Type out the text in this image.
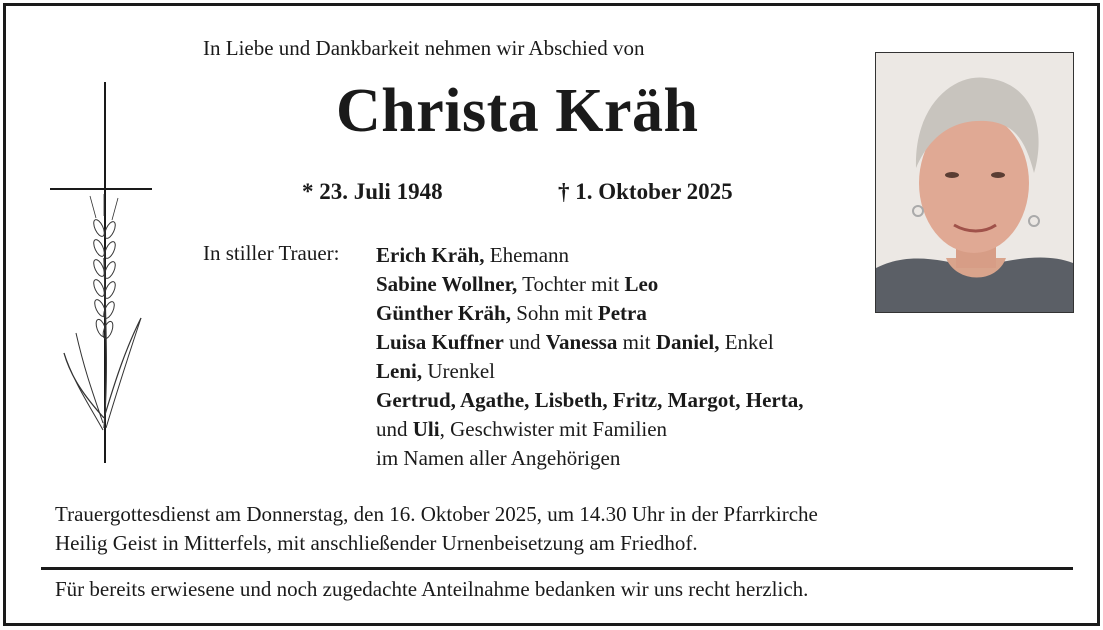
In Liebe und Dankbarkeit nehmen wir Abschied von
Christa Kräh
* 23. Juli 1948	† 1. Oktober 2025
In stiller Trauer: Erich Kräh, Ehemann
Sabine Wollner, Tochter mit Leo
Günther Kräh, Sohn mit Petra
Luisa Kuffner und Vanessa mit Daniel, Enkel
Leni, Urenkel
Gertrud, Agathe, Lisbeth, Fritz, Margot, Herta,
und Uli, Geschwister mit Familien
im Namen aller Angehörigen
Trauergottesdienst am Donnerstag, den 16. Oktober 2025, um 14.30 Uhr in der Pfarrkirche
Heilig Geist in Mitterfels, mit anschließender Urnenbeisetzung am Friedhof.
Für bereits erwiesene und noch zugedachte Anteilnahme bedanken wir uns recht herzlich.
